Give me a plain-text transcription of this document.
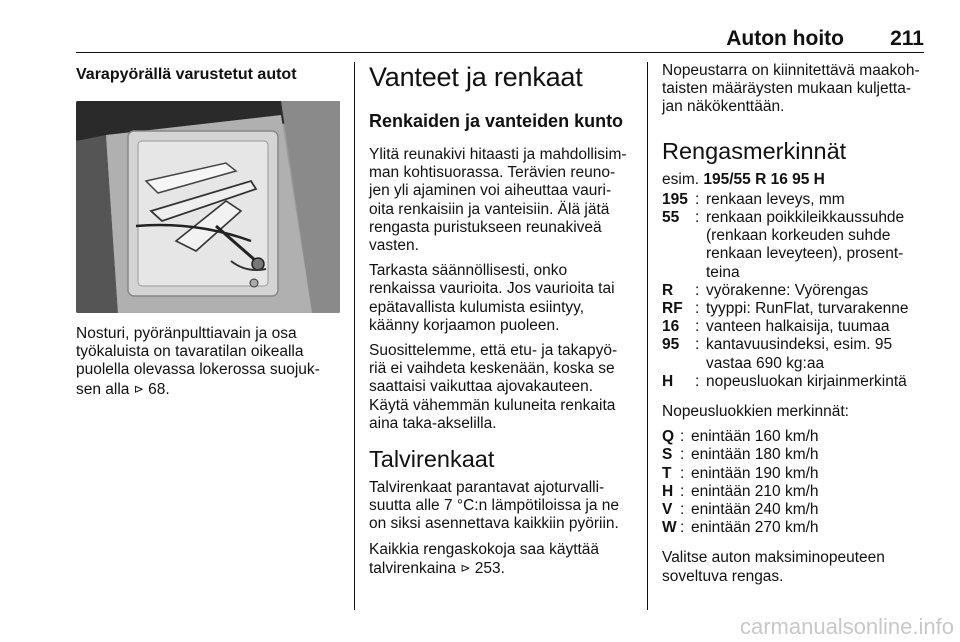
Auton hoito 211
Varapyörällä varustetut autot

Nosturi, pyöränpulttiavain ja osa työkaluista on tavaratilan oikealla puolella olevassa lokerossa suojuk-sen alla ⊳ 68.

Vanteet ja renkaat
Renkaiden ja vanteiden kunto

Ylitä reunakivi hitaasti ja mahdollisim-man kohtisuorassa. Terävien reuno-jen yli ajaminen voi aiheuttaa vauri-oita renkaisiin ja vanteisiin. Älä jätä rengasta puristukseen reunakiveä vasten.

Tarkasta säännöllisesti, onko renkaissa vaurioita. Jos vaurioita tai epätavallista kulumista esiintyy, käänny korjaamon puoleen.

Suosittelemme, että etu- ja takapyö-riä ei vaihdeta keskenään, koska se saattaisi vaikuttaa ajovakauteen. Käytä vähemmän kuluneita renkaita aina taka-akselilla.

Talvirenkaat

Talvirenkaat parantavat ajoturvalli-suutta alle 7 °C:n lämpötiloissa ja ne on siksi asennettava kaikkiin pyöriin.

Kaikkia rengaskokoja saa käyttää talvirenkaina ⊳ 253.

Nopeustarra on kiinnitettävä maakoh-taisten määräysten mukaan kuljetta-jan näkökenttään.

Rengasmerkinnät
esim. 195/55 R 16 95 H
195	:	renkaan leveys, mm
55	:	renkaan poikkileikkaussuhde (renkaan korkeuden suhde renkaan leveyteen), prosent-teina
R	:	vyörakenne: Vyörengas
RF	:	tyyppi: RunFlat, turvarakenne
16	:	vanteen halkaisija, tuumaa
95	:	kantavuusindeksi, esim. 95 vastaa 690 kg:aa
H	:	nopeusluokan kirjainmerkintä

Nopeusluokkien merkinnät:

Q	:	enintään 160 km/h
S	:	enintään 180 km/h
T	:	enintään 190 km/h
H	:	enintään 210 km/h
V	:	enintään 240 km/h
W	:	enintään 270 km/h

Valitse auton maksiminopeuteen soveltuva rengas.

carmanualsonline.info
